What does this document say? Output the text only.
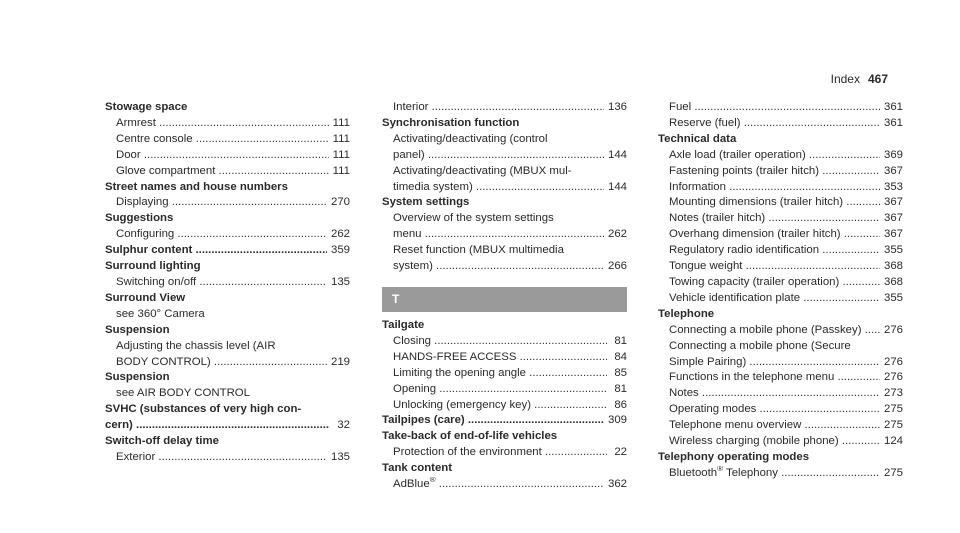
Index 467
Stowage space
Armrest .....	111
Centre console .....	111
Door .....	111
Glove compartment .....	111
Street names and house numbers
Displaying .....	270
Suggestions
Configuring .....	262
Sulphur content .....	359
Surround lighting
Switching on/off .....	135
Surround View
see 360° Camera
Suspension
Adjusting the chassis level (AIR
BODY CONTROL) .....	219
Suspension
see AIR BODY CONTROL
SVHC (substances of very high con-
cern) .....	32
Switch-off delay time
Exterior .....	135
Interior .....	136
Synchronisation function
Activating/deactivating (control
panel) .....	144
Activating/deactivating (MBUX mul-
timedia system) .....	144
System settings
Overview of the system settings
menu .....	262
Reset function (MBUX multimedia
system) .....	266
T
Tailgate
Closing .....	81
HANDS-FREE ACCESS .....	84
Limiting the opening angle .....	85
Opening .....	81
Unlocking (emergency key) .....	86
Tailpipes (care) .....	309
Take-back of end-of-life vehicles
Protection of the environment .....	22
Tank content
AdBlue® .....	362
Fuel .....	361
Reserve (fuel) .....	361
Technical data
Axle load (trailer operation) .....	369
Fastening points (trailer hitch) .....	367
Information .....	353
Mounting dimensions (trailer hitch) .....	367
Notes (trailer hitch) .....	367
Overhang dimension (trailer hitch) .....	367
Regulatory radio identification .....	355
Tongue weight .....	368
Towing capacity (trailer operation) .....	368
Vehicle identification plate .....	355
Telephone
Connecting a mobile phone (Passkey) .....	276
Connecting a mobile phone (Secure
Simple Pairing) .....	276
Functions in the telephone menu .....	276
Notes .....	273
Operating modes .....	275
Telephone menu overview .....	275
Wireless charging (mobile phone) .....	124
Telephony operating modes
Bluetooth® Telephony .....	275
